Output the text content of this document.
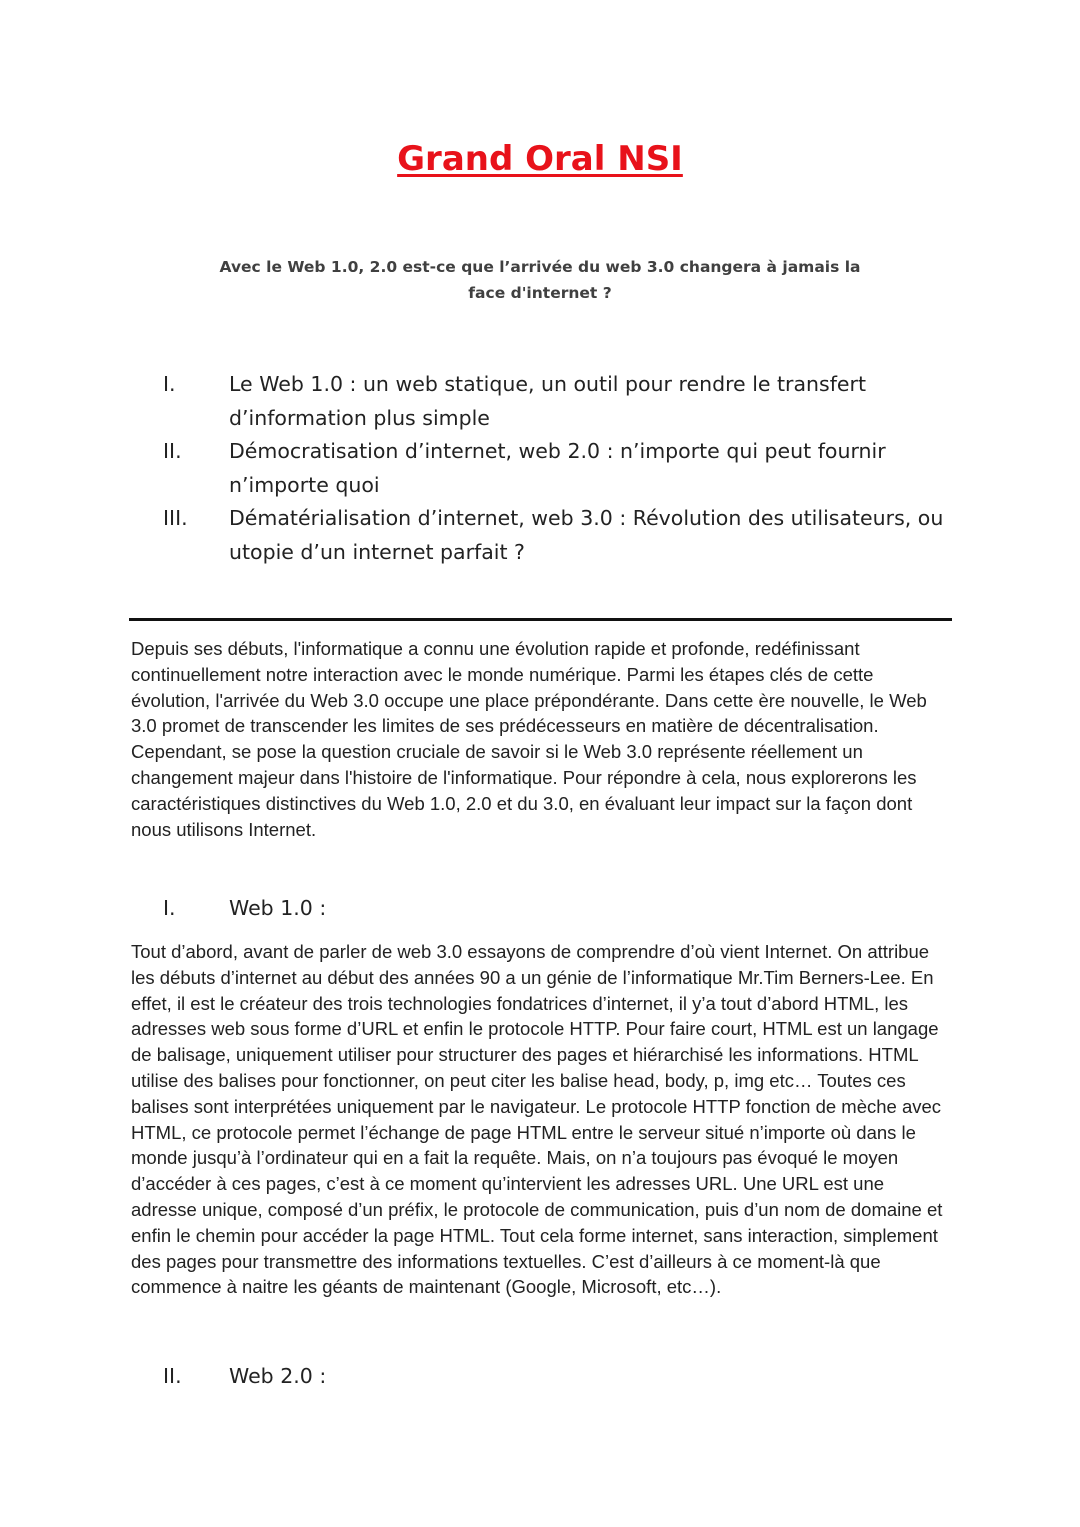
Grand Oral NSI
Avec le Web 1.0, 2.0 est-ce que l’arrivée du web 3.0 changera à jamais la
face d'internet ?
I.	Le Web 1.0 : un web statique, un outil pour rendre le transfert d’information plus simple
II. Démocratisation d’internet, web 2.0 : n’importe qui peut fournir n’importe quoi
III. Dématérialisation d’internet, web 3.0 : Révolution des utilisateurs, ou utopie d’un internet parfait ?

Depuis ses débuts, l'informatique a connu une évolution rapide et profonde, redéfinissant continuellement notre interaction avec le monde numérique. Parmi les étapes clés de cette évolution, l'arrivée du Web 3.0 occupe une place prépondérante. Dans cette ère nouvelle, le Web 3.0 promet de transcender les limites de ses prédécesseurs en matière de décentralisation. Cependant, se pose la question cruciale de savoir si le Web 3.0 représente réellement un changement majeur dans l'histoire de l'informatique. Pour répondre à cela, nous explorerons les caractéristiques distinctives du Web 1.0, 2.0 et du 3.0, en évaluant leur impact sur la façon dont nous utilisons Internet.

I.	Web 1.0 :

Tout d’abord, avant de parler de web 3.0 essayons de comprendre d’où vient Internet. On attribue les débuts d’internet au début des années 90 a un génie de l’informatique Mr.Tim Berners-Lee. En effet, il est le créateur des trois technologies fondatrices d’internet, il y’a tout d’abord HTML, les adresses web sous forme d’URL et enfin le protocole HTTP. Pour faire court, HTML est un langage de balisage, uniquement utiliser pour structurer des pages et hiérarchisé les informations. HTML utilise des balises pour fonctionner, on peut citer les balise head, body, p, img etc… Toutes ces balises sont interprétées uniquement par le navigateur. Le protocole HTTP fonction de mèche avec HTML, ce protocole permet l’échange de page HTML entre le serveur situé n’importe où dans le monde jusqu’à l’ordinateur qui en a fait la requête. Mais, on n’a toujours pas évoqué le moyen d’accéder à ces pages, c’est à ce moment qu’intervient les adresses URL. Une URL est une adresse unique, composé d’un préfix, le protocole de communication, puis d’un nom de domaine et enfin le chemin pour accéder la page HTML. Tout cela forme internet, sans interaction, simplement des pages pour transmettre des informations textuelles. C’est d’ailleurs à ce moment-là que commence à naitre les géants de maintenant (Google, Microsoft, etc…).

II. Web 2.0 :
